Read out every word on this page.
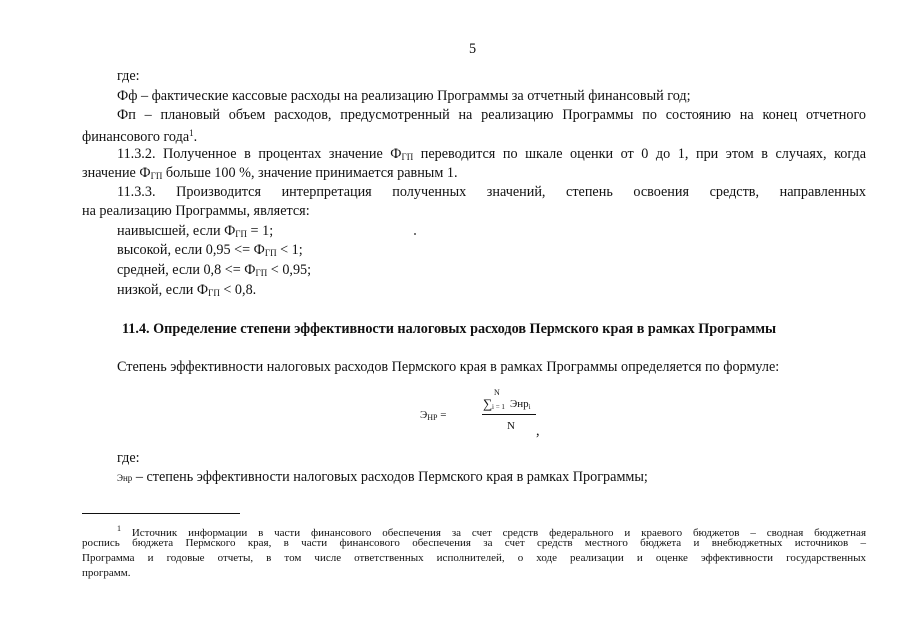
5
где:
Фф – фактические кассовые расходы на реализацию Программы за отчетный финансовый год;
Фп – плановый объем расходов, предусмотренный на реализацию Программы по состоянию на конец отчетного
финансового года$^1$.
11.3.2. Полученное в процентах значение $Ф_{ГП}$ переводится по шкале оценки от 0 до 1, при этом в случаях, когда
значение $Ф_{ГП}$ больше 100 %, значение принимается равным 1.
11.3.3. Производится интерпретация полученных значений, степень освоения средств, направленных
на реализацию Программы, является:
наивысшей, если $Ф_{ГП} = 1$;
высокой, если $0,95 <= Ф_{ГП} < 1$;
средней, если $0,8 <= Ф_{ГП} < 0,95$;
низкой, если $Ф_{ГП} < 0,8$.
11.4. Определение степени эффективности налоговых расходов Пермского края в рамках Программы
Степень эффективности налоговых расходов Пермского края в рамках Программы определяется по формуле:
$Э_{НР}$ =
∑
N
i = 1 Энр$_i$
N ,
где:
Энр – степень эффективности налоговых расходов Пермского края в рамках Программы;
$^1$ Источник информации в части финансового обеспечения за счет средств федерального и краевого бюджетов – сводная бюджетная
роспись бюджета Пермского края, в части финансового обеспечения за счет средств местного бюджета и внебюджетных источников –
Программа и годовые отчеты, в том числе ответственных исполнителей, о ходе реализации и оценке эффективности государственных
программ.
